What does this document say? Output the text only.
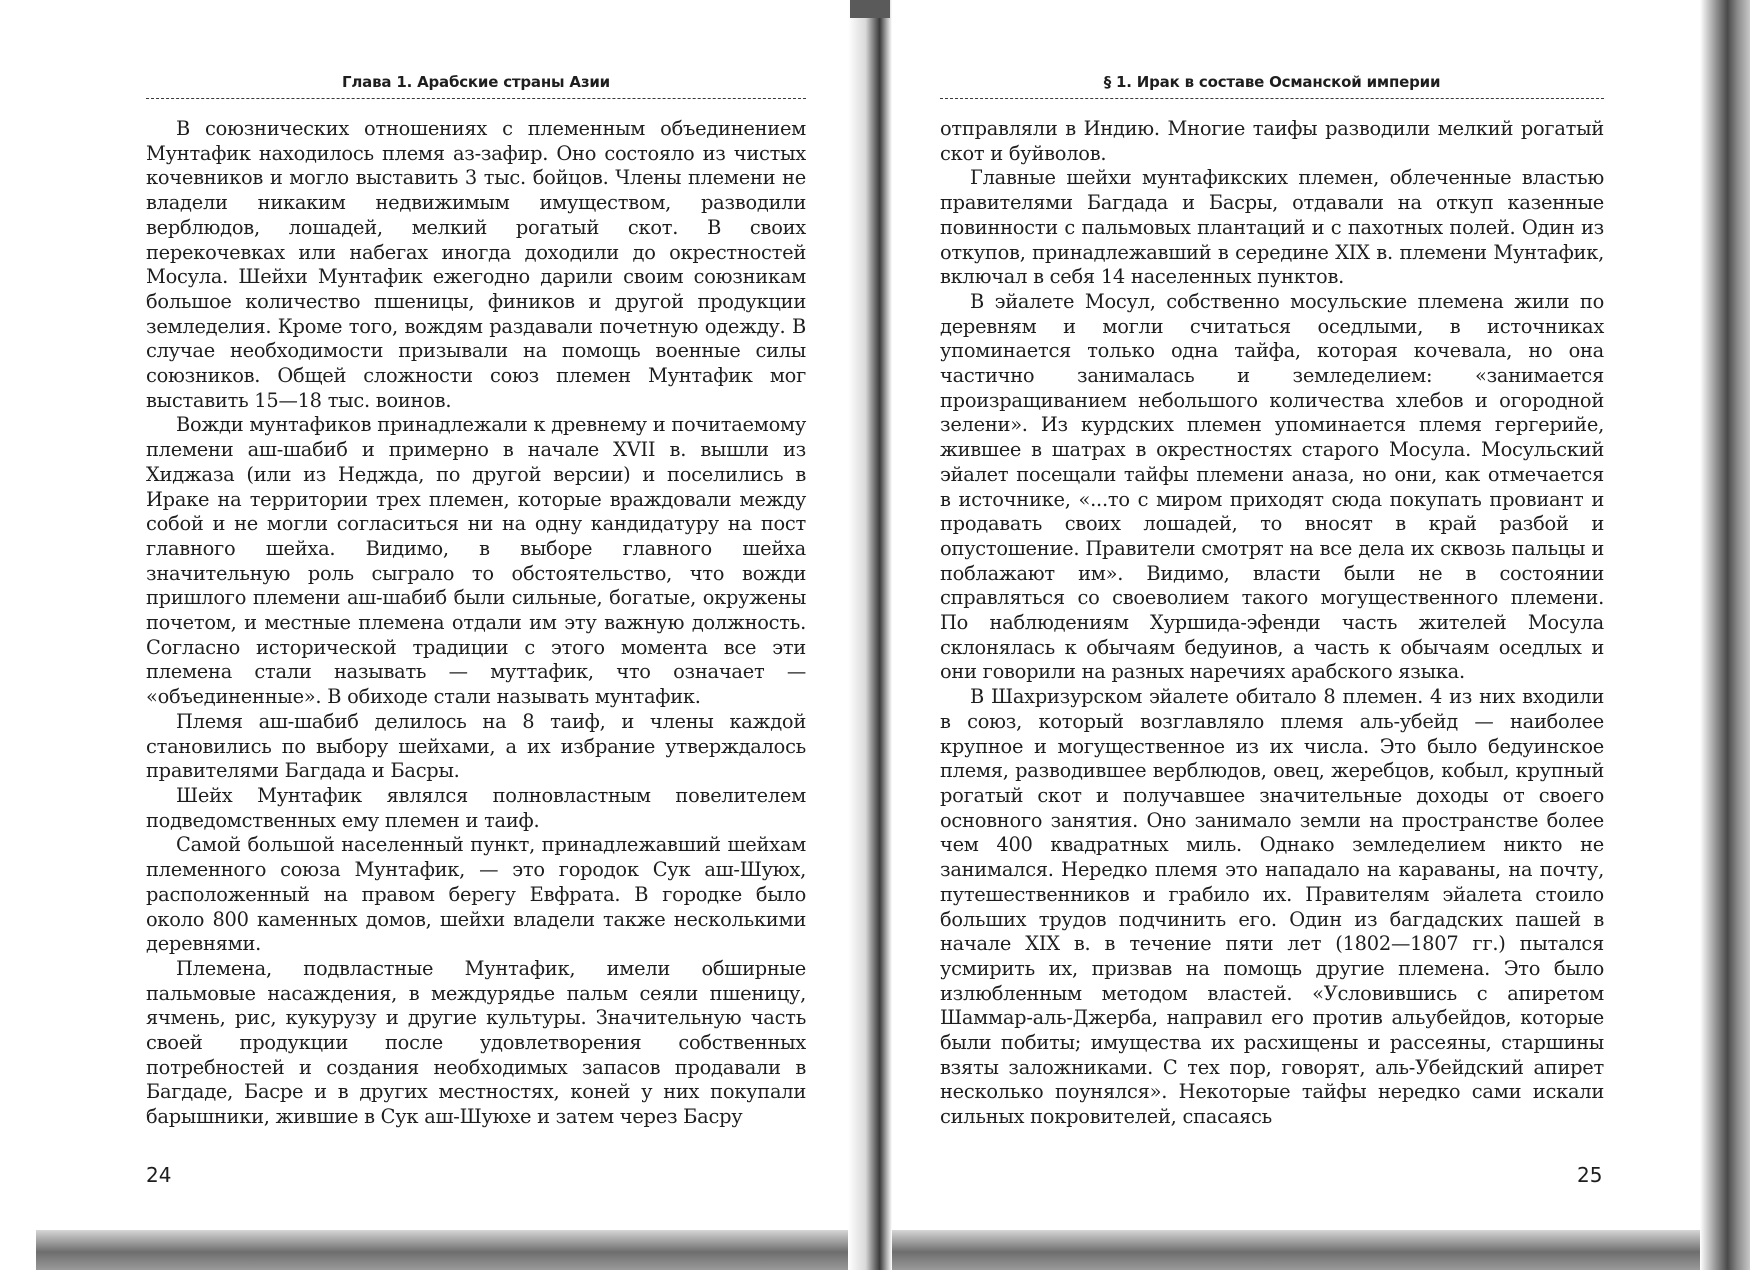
Глава 1. Арабские страны Азии

В союзнических отношениях с племенным объединением Мунтафик находилось племя аз-зафир. Оно состояло из чистых кочевников и могло выставить 3 тыс. бойцов. Члены племени не владели никаким недвижимым имуществом, разводили верблюдов, лошадей, мелкий рогатый скот. В своих перекочевках или набегах иногда доходили до окрестностей Мосула. Шейхи Мунтафик ежегодно дарили своим союзникам большое количество пшеницы, фиников и другой продукции земледелия. Кроме того, вождям раздавали почетную одежду. В случае необходимости призывали на помощь военные силы союзников. Общей сложности союз племен Мунтафик мог выставить 15—18 тыс. воинов.

Вожди мунтафиков принадлежали к древнему и почитаемому племени аш-шабиб и примерно в начале XVII в. вышли из Хиджаза (или из Неджда, по другой версии) и поселились в Ираке на территории трех племен, которые враждовали между собой и не могли согласиться ни на одну кандидатуру на пост главного шейха. Видимо, в выборе главного шейха значительную роль сыграло то обстоятельство, что вожди пришлого племени аш-шабиб были сильные, богатые, окружены почетом, и местные племена отдали им эту важную должность. Согласно исторической традиции с этого момента все эти племена стали называть — муттафик, что означает — «объединенные». В обиходе стали называть мунтафик.

Племя аш-шабиб делилось на 8 таиф, и члены каждой становились по выбору шейхами, а их избрание утверждалось правителями Багдада и Басры.

Шейх Мунтафик являлся полновластным повелителем подведомственных ему племен и таиф.

Самой большой населенный пункт, принадлежавший шейхам племенного союза Мунтафик, — это городок Сук аш-Шуюх, расположенный на правом берегу Евфрата. В городке было около 800 каменных домов, шейхи владели также несколькими деревнями.

Племена, подвластные Мунтафик, имели обширные пальмовые насаждения, в междурядье пальм сеяли пшеницу, ячмень, рис, кукурузу и другие культуры. Значительную часть своей продукции после удовлетворения собственных потребностей и создания необходимых запасов продавали в Багдаде, Басре и в других местностях, коней у них покупали барышники, жившие в Сук аш-Шуюхе и затем через Басру

24
§ 1. Ирак в составе Османской империи

отправляли в Индию. Многие таифы разводили мелкий рогатый скот и буйволов.

Главные шейхи мунтафикских племен, облеченные властью правителями Багдада и Басры, отдавали на откуп казенные повинности с пальмовых плантаций и с пахотных полей. Один из откупов, принадлежавший в середине XIX в. племени Мунтафик, включал в себя 14 населенных пунктов.

В эйалете Мосул, собственно мосульские племена жили по деревням и могли считаться оседлыми, в источниках упоминается только одна тайфа, которая кочевала, но она частично занималась и земледелием: «занимается произращиванием небольшого количества хлебов и огородной зелени». Из курдских племен упоминается племя гергерийе, жившее в шатрах в окрестностях старого Мосула. Мосульский эйалет посещали тайфы племени аназа, но они, как отмечается в источнике, «...то с миром приходят сюда покупать провиант и продавать своих лошадей, то вносят в край разбой и опустошение. Правители смотрят на все дела их сквозь пальцы и поблажают им». Видимо, власти были не в состоянии справляться со своеволием такого могущественного племени. По наблюдениям Хуршида-эфенди часть жителей Мосула склонялась к обычаям бедуинов, а часть к обычаям оседлых и они говорили на разных наречиях арабского языка.

В Шахризурском эйалете обитало 8 племен. 4 из них входили в союз, который возглавляло племя аль-убейд — наиболее крупное и могущественное из их числа. Это было бедуинское племя, разводившее верблюдов, овец, жеребцов, кобыл, крупный рогатый скот и получавшее значительные доходы от своего основного занятия. Оно занимало земли на пространстве более чем 400 квадратных миль. Однако земледелием никто не занимался. Нередко племя это нападало на караваны, на почту, путешественников и грабило их. Правителям эйалета стоило больших трудов подчинить его. Один из багдадских пашей в начале XIX в. в течение пяти лет (1802—1807 гг.) пытался усмирить их, призвав на помощь другие племена. Это было излюбленным методом властей. «Условившись с апиретом Шаммар-аль-Джерба, направил его против альубейдов, которые были побиты; имущества их расхищены и рассеяны, старшины взяты заложниками. С тех пор, говорят, аль-Убейдский апирет несколько поунялся». Некоторые тайфы нередко сами искали сильных покровителей, спасаясь

25
